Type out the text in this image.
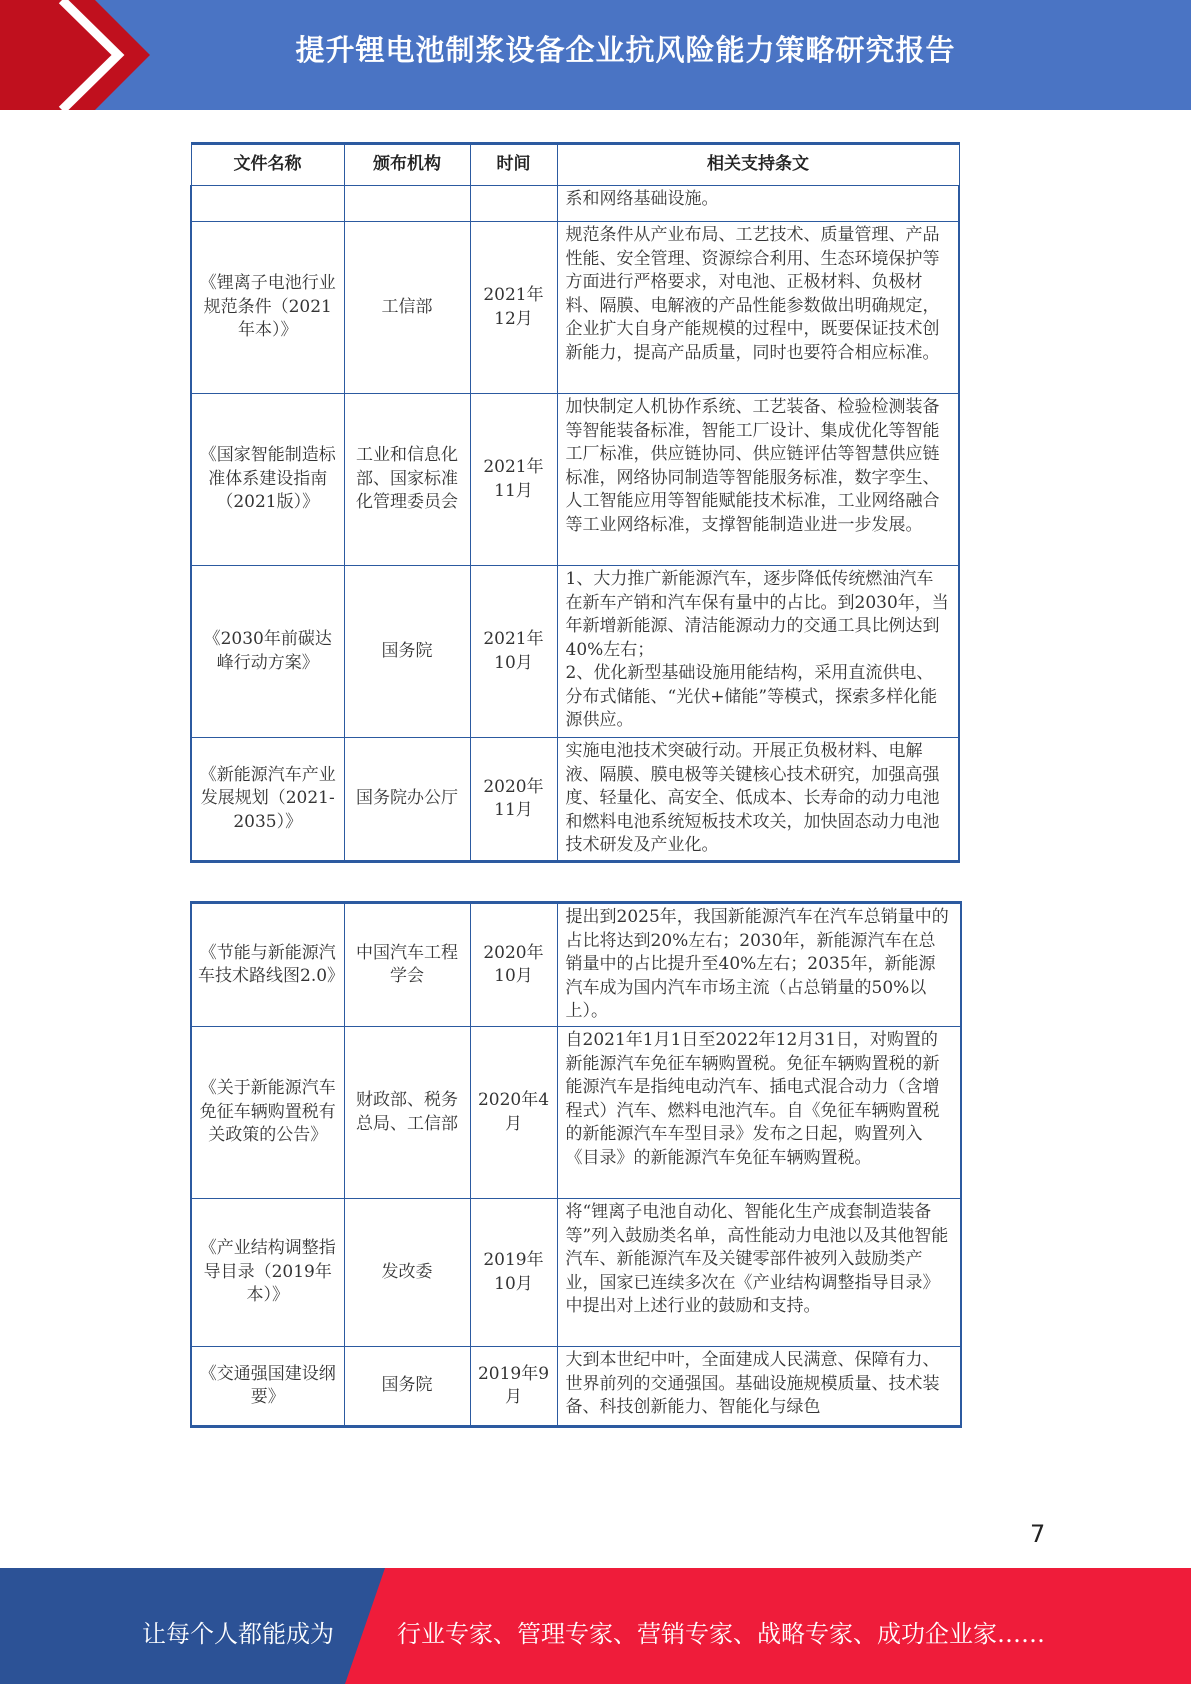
提升锂电池制浆设备企业抗风险能力策略研究报告
文件名称	颁布机构	时间	相关支持条文
			系和网络基础设施。
《锂离子电池行业规范条件（2021年本）》	工信部	2021年12月	规范条件从产业布局、工艺技术、质量管理、产品性能、安全管理、资源综合利用、生态环境保护等方面进行严格要求，对电池、正极材料、负极材料、隔膜、电解液的产品性能参数做出明确规定，企业扩大自身产能规模的过程中，既要保证技术创新能力，提高产品质量，同时也要符合相应标准。
《国家智能制造标准体系建设指南（2021版）》	工业和信息化部、国家标准化管理委员会	2021年11月	加快制定人机协作系统、工艺装备、检验检测装备等智能装备标准，智能工厂设计、集成优化等智能工厂标准，供应链协同、供应链评估等智慧供应链标准，网络协同制造等智能服务标准，数字孪生、人工智能应用等智能赋能技术标准，工业网络融合等工业网络标准，支撑智能制造业进一步发展。
《2030年前碳达峰行动方案》	国务院	2021年10月	1、大力推广新能源汽车，逐步降低传统燃油汽车在新车产销和汽车保有量中的占比。到2030年，当年新增新能源、清洁能源动力的交通工具比例达到40%左右；
2、优化新型基础设施用能结构，采用直流供电、分布式储能、“光伏+储能”等模式，探索多样化能源供应。
《新能源汽车产业发展规划（2021-2035）》	国务院办公厅	2020年11月	实施电池技术突破行动。开展正负极材料、电解液、隔膜、膜电极等关键核心技术研究，加强高强度、轻量化、高安全、低成本、长寿命的动力电池和燃料电池系统短板技术攻关，加快固态动力电池技术研发及产业化。
《节能与新能源汽车技术路线图2.0》	中国汽车工程学会	2020年10月	提出到2025年，我国新能源汽车在汽车总销量中的占比将达到20%左右；2030年，新能源汽车在总销量中的占比提升至40%左右；2035年，新能源汽车成为国内汽车市场主流（占总销量的50%以上）。
《关于新能源汽车免征车辆购置税有关政策的公告》	财政部、税务总局、工信部	2020年4月	自2021年1月1日至2022年12月31日，对购置的新能源汽车免征车辆购置税。免征车辆购置税的新能源汽车是指纯电动汽车、插电式混合动力（含增程式）汽车、燃料电池汽车。自《免征车辆购置税的新能源汽车车型目录》发布之日起，购置列入《目录》的新能源汽车免征车辆购置税。
《产业结构调整指导目录（2019年本）》	发改委	2019年10月	将“锂离子电池自动化、智能化生产成套制造装备等”列入鼓励类名单，高性能动力电池以及其他智能汽车、新能源汽车及关键零部件被列入鼓励类产业，国家已连续多次在《产业结构调整指导目录》中提出对上述行业的鼓励和支持。
《交通强国建设纲要》	国务院	2019年9月	大到本世纪中叶，全面建成人民满意、保障有力、世界前列的交通强国。基础设施规模质量、技术装备、科技创新能力、智能化与绿色
7
让每个人都能成为	行业专家、管理专家、营销专家、战略专家、成功企业家……
